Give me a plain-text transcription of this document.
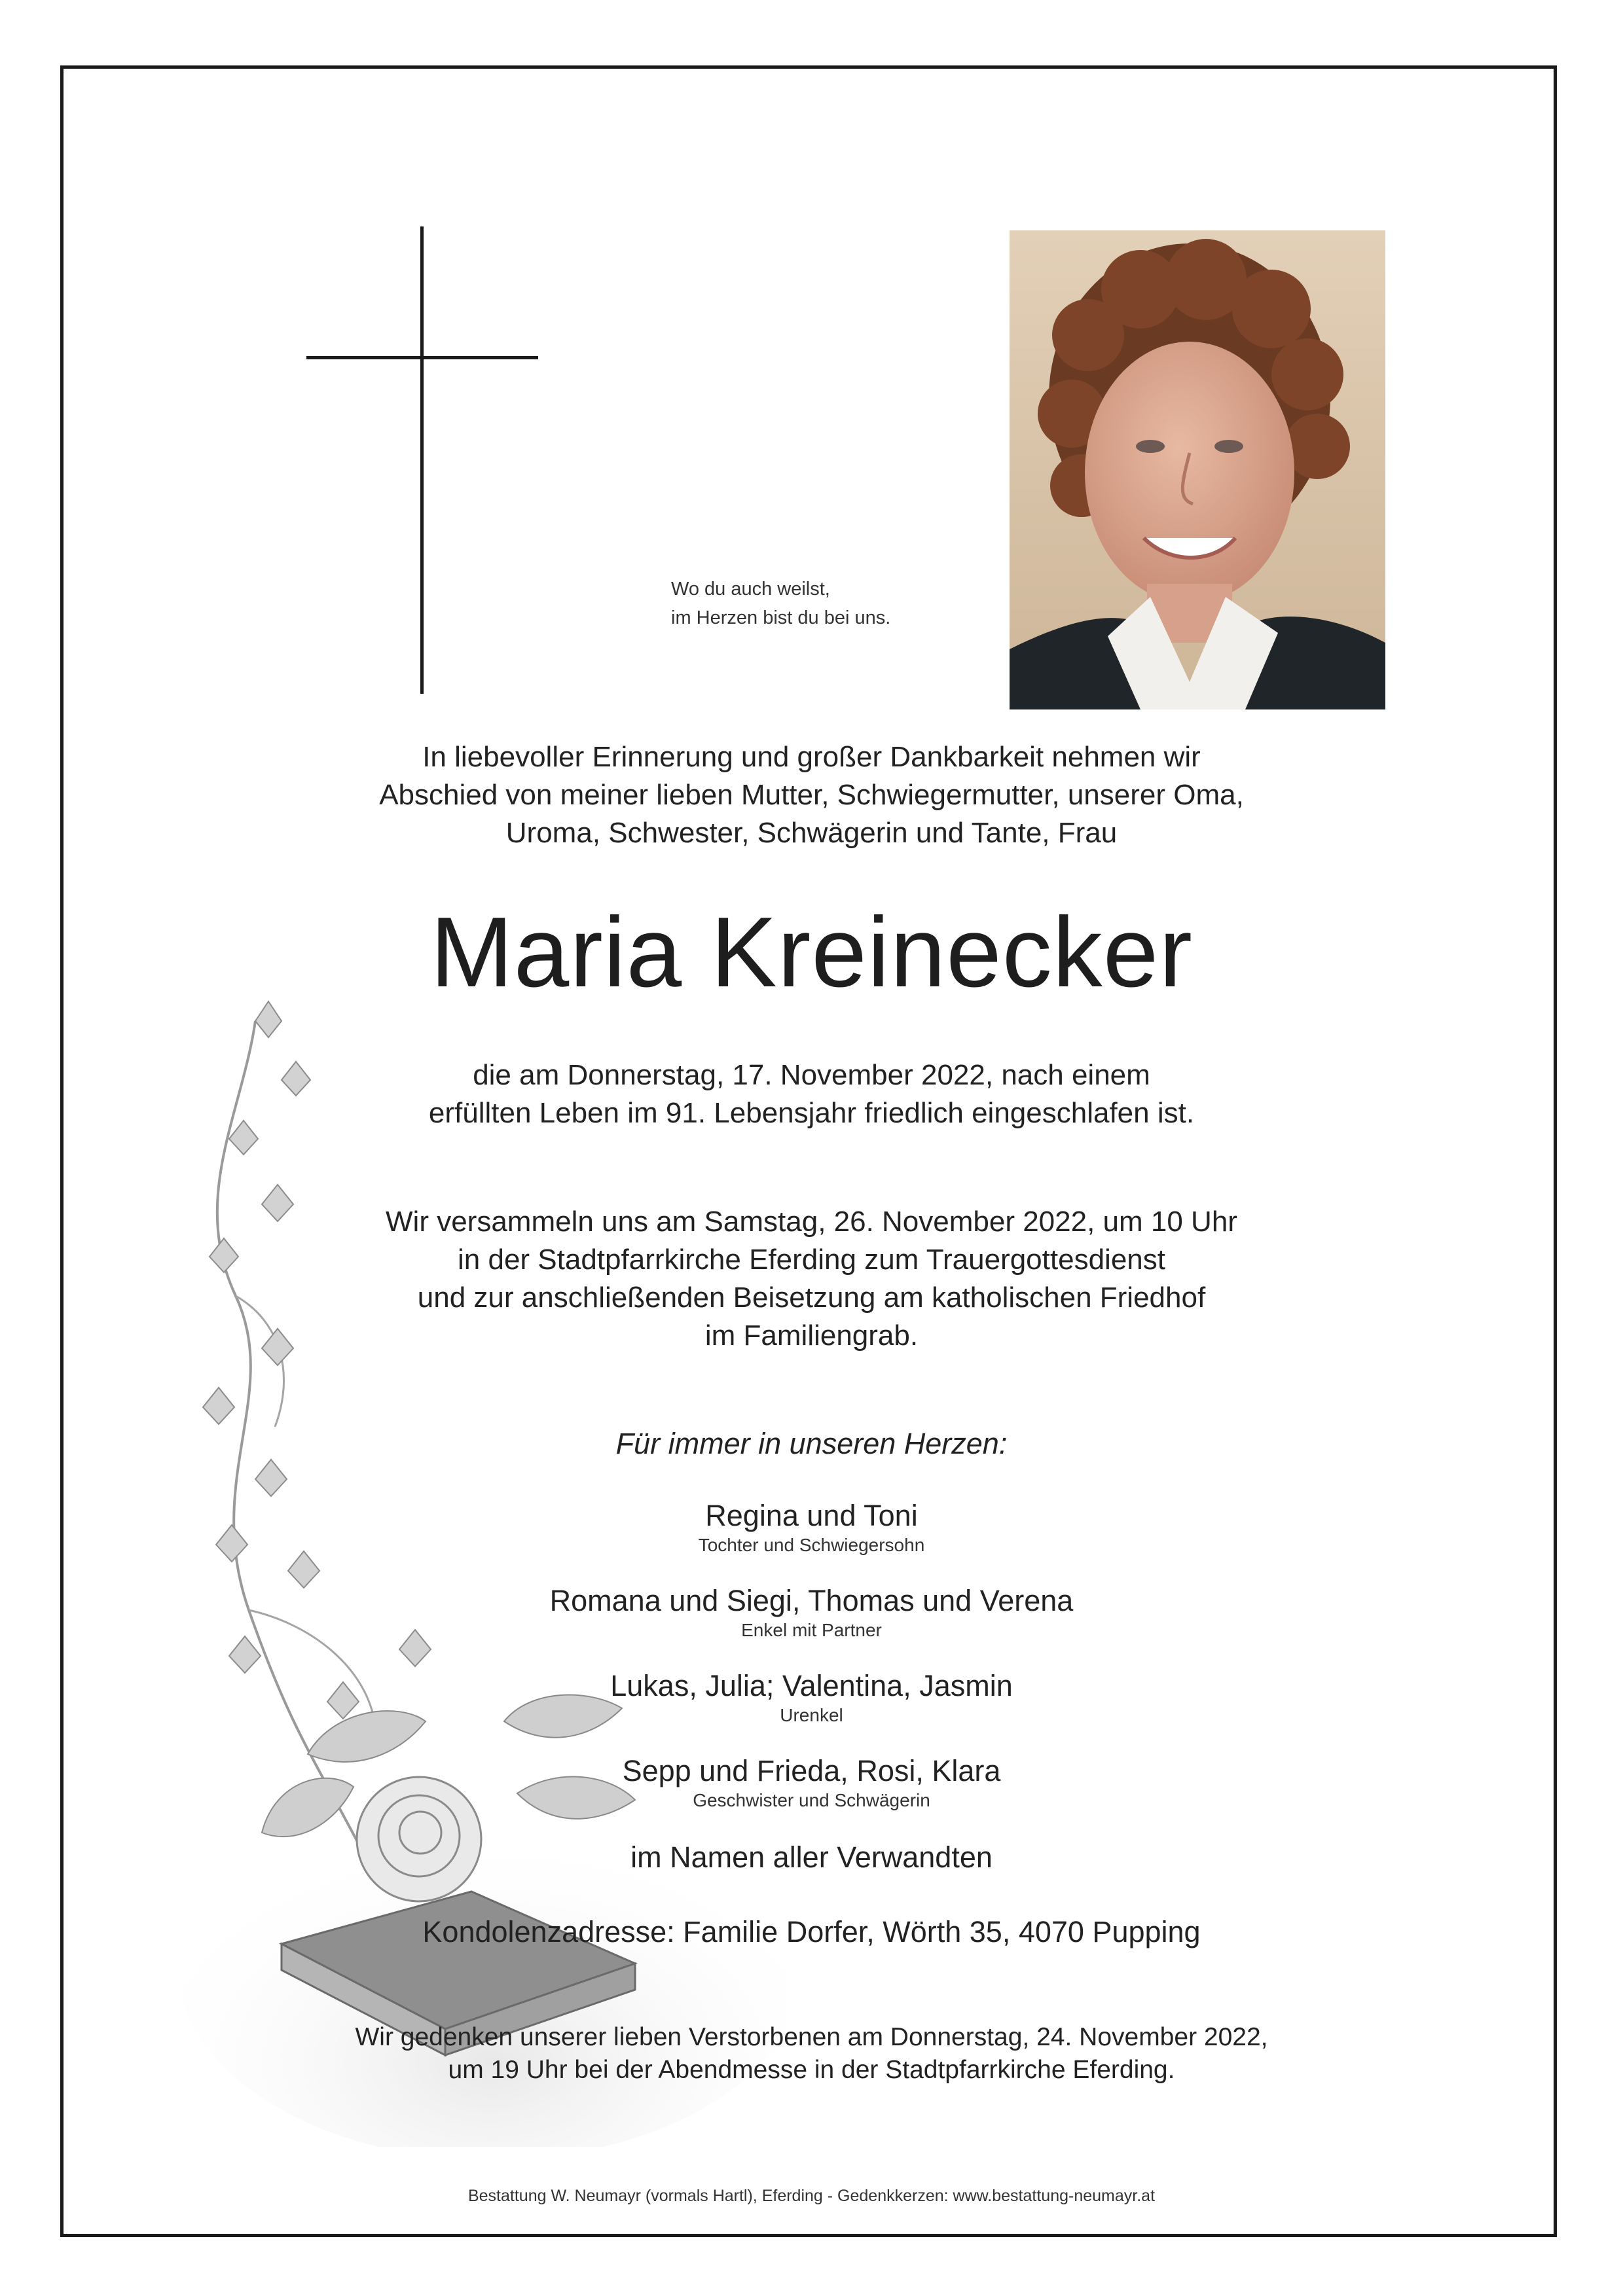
Wo du auch weilst,
im Herzen bist du bei uns.
In liebevoller Erinnerung und großer Dankbarkeit nehmen wir
Abschied von meiner lieben Mutter, Schwiegermutter, unserer Oma,
Uroma, Schwester, Schwägerin und Tante, Frau
Maria Kreinecker
die am Donnerstag, 17. November 2022, nach einem
erfüllten Leben im 91. Lebensjahr friedlich eingeschlafen ist.
Wir versammeln uns am Samstag, 26. November 2022, um 10 Uhr
in der Stadtpfarrkirche Eferding zum Trauergottesdienst
und zur anschließenden Beisetzung am katholischen Friedhof
im Familiengrab.
Für immer in unseren Herzen:
Regina und Toni
Tochter und Schwiegersohn
Romana und Siegi, Thomas und Verena
Enkel mit Partner
Lukas, Julia; Valentina, Jasmin
Urenkel
Sepp und Frieda, Rosi, Klara
Geschwister und Schwägerin
im Namen aller Verwandten
Kondolenzadresse: Familie Dorfer, Wörth 35, 4070 Pupping
Wir gedenken unserer lieben Verstorbenen am Donnerstag, 24. November 2022,
um 19 Uhr bei der Abendmesse in der Stadtpfarrkirche Eferding.
Bestattung W. Neumayr (vormals Hartl), Eferding - Gedenkkerzen: www.bestattung-neumayr.at
